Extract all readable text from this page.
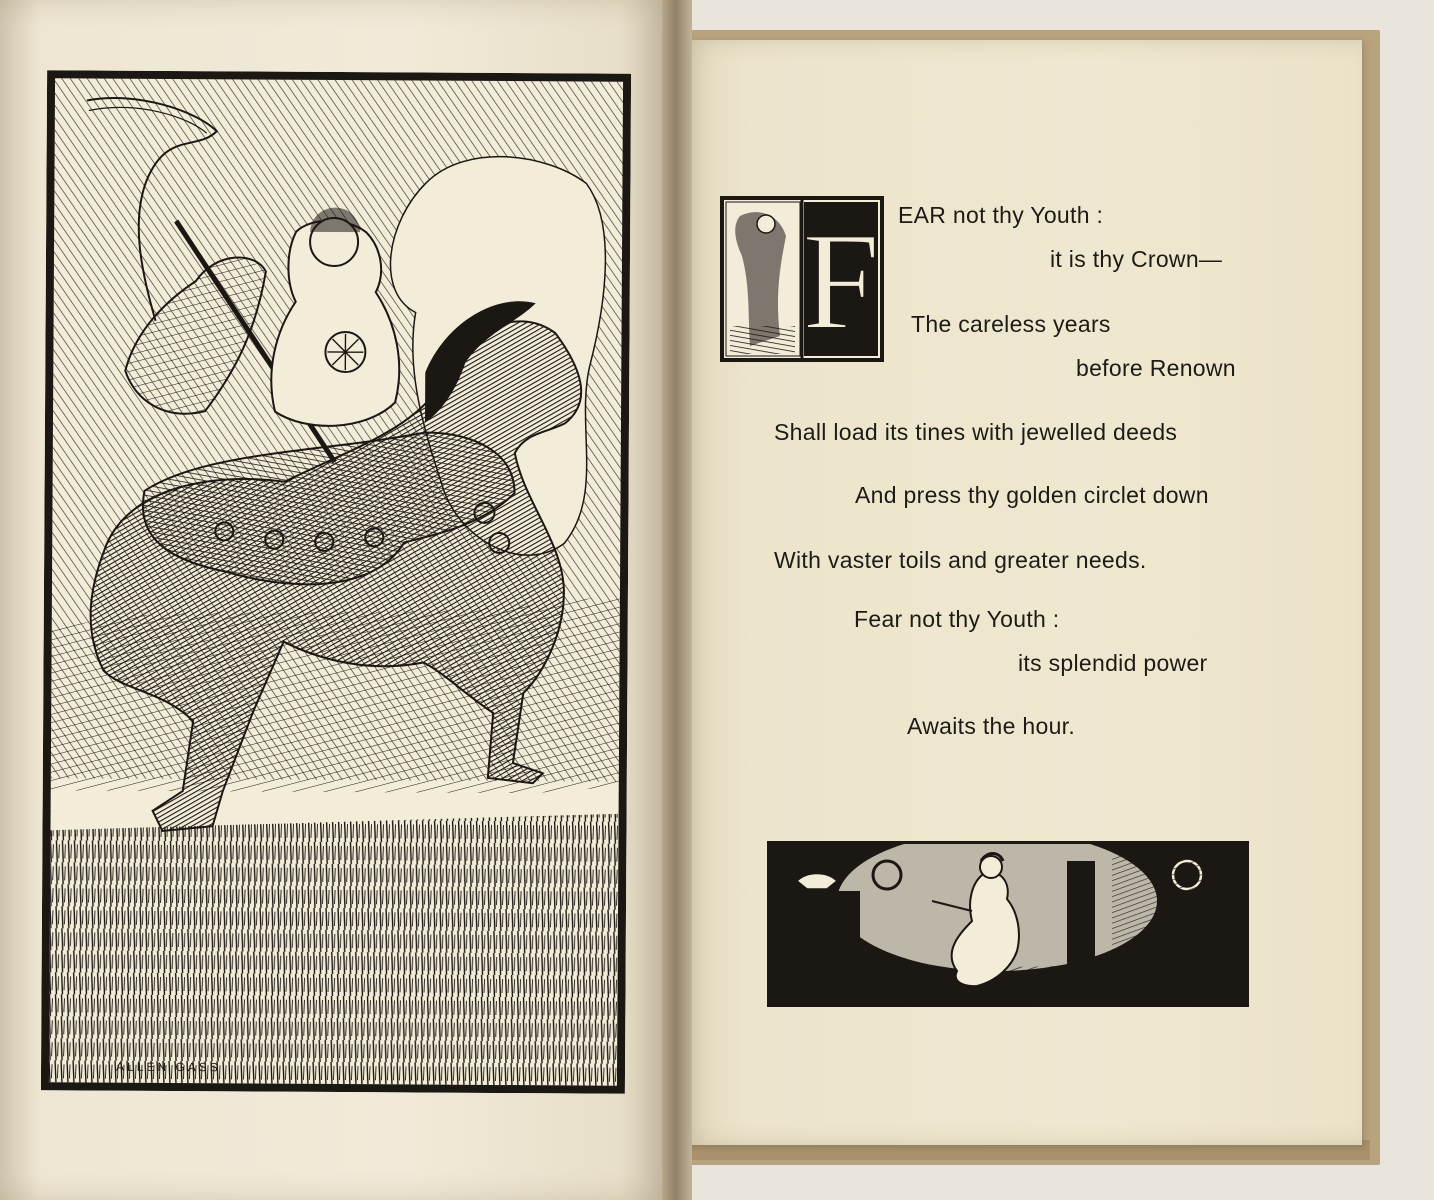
ALLEN GASS
F EAR not thy Youth :
it is thy Crown—
The careless years
before Renown
Shall load its tines with jewelled deeds
And press thy golden circlet down
With vaster toils and greater needs.
Fear not thy Youth :
its splendid power
Awaits the hour.
